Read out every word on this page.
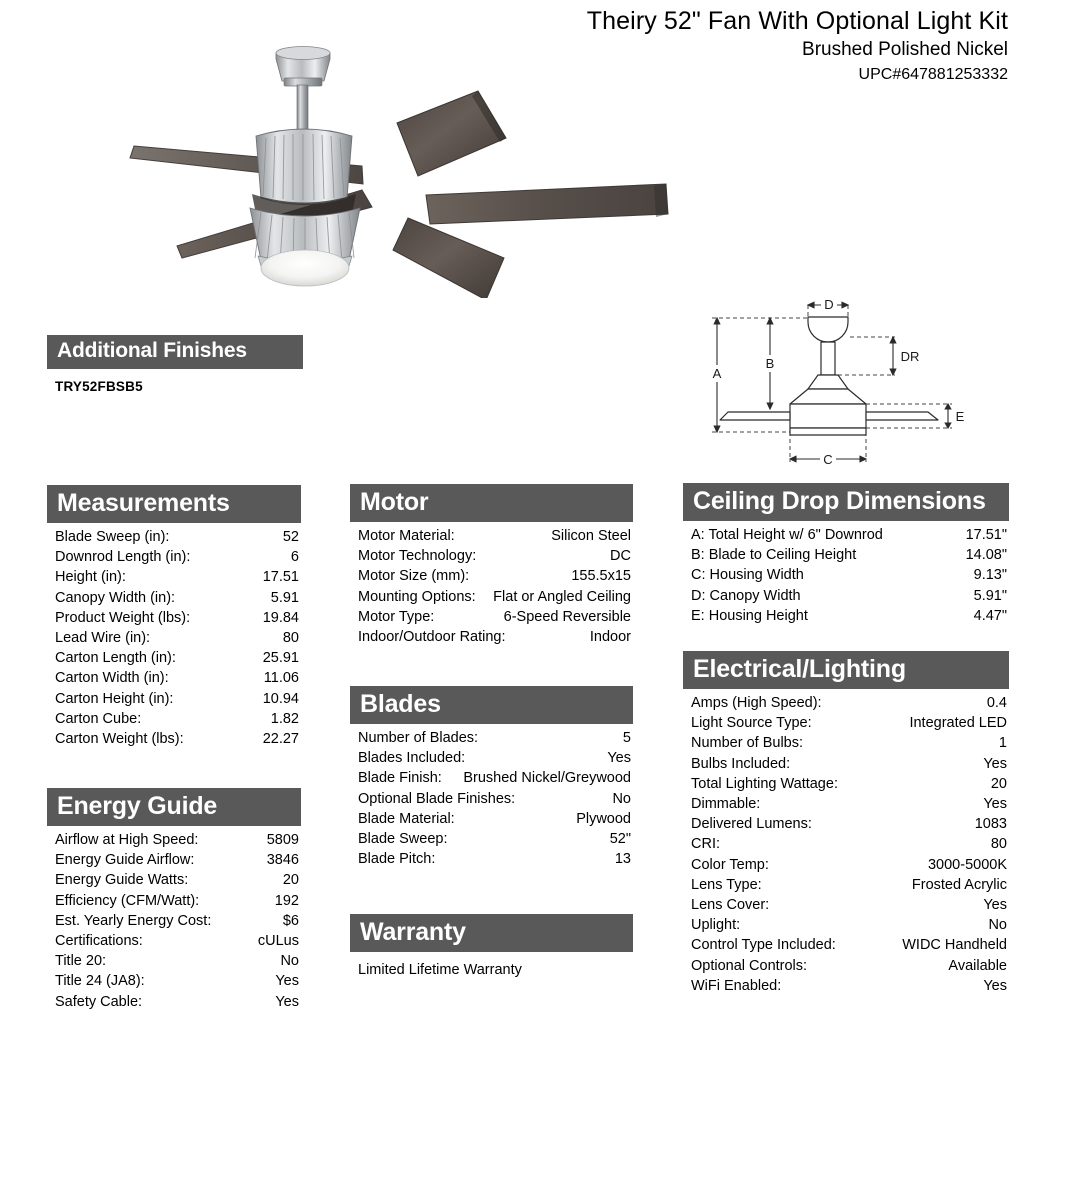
Theiry 52" Fan With Optional Light Kit
Brushed Polished Nickel
UPC#647881253332
D
A
B	DR
E
C
Additional Finishes
TRY52FBSB5
Measurements
Blade Sweep (in):	52
Downrod Length (in):	6
Height (in):	17.51
Canopy Width (in):	5.91
Product Weight (lbs):	19.84
Lead Wire (in):	80
Carton Length (in):	25.91
Carton Width (in):	11.06
Carton Height (in):	10.94
Carton Cube:	1.82
Carton Weight (lbs):	22.27
Energy Guide
Airflow at High Speed:	5809
Energy Guide Airflow:	3846
Energy Guide Watts:	20
Efficiency (CFM/Watt):	192
Est. Yearly Energy Cost:	$6
Certifications:	cULus
Title 20:	No
Title 24 (JA8):	Yes
Safety Cable:	Yes
Motor
Motor Material:	Silicon Steel
Motor Technology:	DC
Motor Size (mm):	155.5x15
Mounting Options:	Flat or Angled Ceiling
Motor Type:	6-Speed Reversible
Indoor/Outdoor Rating:	Indoor
Blades
Number of Blades:	5
Blades Included:	Yes
Blade Finish:	Brushed Nickel/Greywood
Optional Blade Finishes:	No
Blade Material:	Plywood
Blade Sweep:	52"
Blade Pitch:	13
Warranty
Limited Lifetime Warranty
Ceiling Drop Dimensions
A: Total Height w/ 6" Downrod	17.51"
B: Blade to Ceiling Height	14.08"
C: Housing Width	9.13"
D: Canopy Width	5.91"
E: Housing Height	4.47"
Electrical/Lighting
Amps (High Speed):	0.4
Light Source Type:	Integrated LED
Number of Bulbs:	1
Bulbs Included:	Yes
Total Lighting Wattage:	20
Dimmable:	Yes
Delivered Lumens:	1083
CRI:	80
Color Temp:	3000-5000K
Lens Type:	Frosted Acrylic
Lens Cover:	Yes
Uplight:	No
Control Type Included:	WIDC Handheld
Optional Controls:	Available
WiFi Enabled:	Yes
